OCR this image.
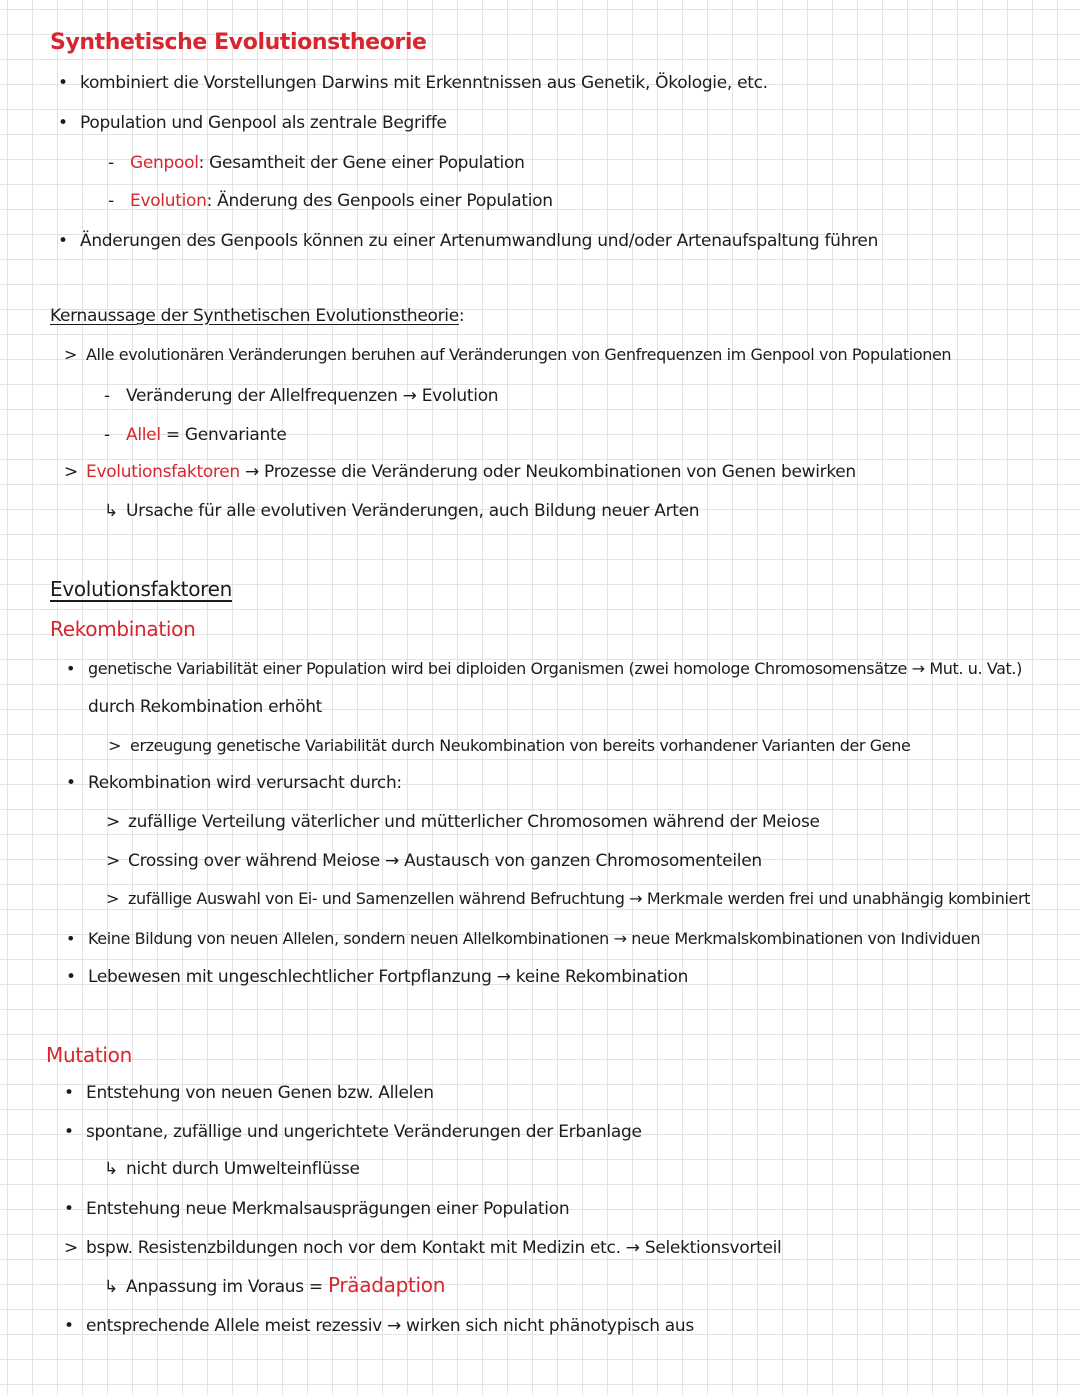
Synthetische Evolutionstheorie
• kombiniert die Vorstellungen Darwins mit Erkenntnissen aus Genetik, Ökologie, etc.
• Population und Genpool als zentrale Begriffe
- Genpool: Gesamtheit der Gene einer Population
- Evolution: Änderung des Genpools einer Population
• Änderungen des Genpools können zu einer Artenumwandlung und/oder Artenaufspaltung führen
Kernaussage der Synthetischen Evolutionstheorie:
> Alle evolutionären Veränderungen beruhen auf Veränderungen von Genfrequenzen im Genpool von Populationen
- Veränderung der Allelfrequenzen → Evolution
- Allel = Genvariante
> Evolutionsfaktoren → Prozesse die Veränderung oder Neukombinationen von Genen bewirken
↳ Ursache für alle evolutiven Veränderungen, auch Bildung neuer Arten
Evolutionsfaktoren
Rekombination
• genetische Variabilität einer Population wird bei diploiden Organismen (zwei homologe Chromosomensätze → Mut. u. Vat.)
durch Rekombination erhöht
> erzeugung genetische Variabilität durch Neukombination von bereits vorhandener Varianten der Gene
• Rekombination wird verursacht durch:
> zufällige Verteilung väterlicher und mütterlicher Chromosomen während der Meiose
> Crossing over während Meiose → Austausch von ganzen Chromosomenteilen
> zufällige Auswahl von Ei- und Samenzellen während Befruchtung → Merkmale werden frei und unabhängig kombiniert
• Keine Bildung von neuen Allelen, sondern neuen Allelkombinationen → neue Merkmalskombinationen von Individuen
• Lebewesen mit ungeschlechtlicher Fortpflanzung → keine Rekombination
Mutation
• Entstehung von neuen Genen bzw. Allelen
• spontane, zufällige und ungerichtete Veränderungen der Erbanlage
↳ nicht durch Umwelteinflüsse
• Entstehung neue Merkmalsausprägungen einer Population
> bspw. Resistenzbildungen noch vor dem Kontakt mit Medizin etc. → Selektionsvorteil
↳ Anpassung im Voraus = Präadaption
• entsprechende Allele meist rezessiv → wirken sich nicht phänotypisch aus
